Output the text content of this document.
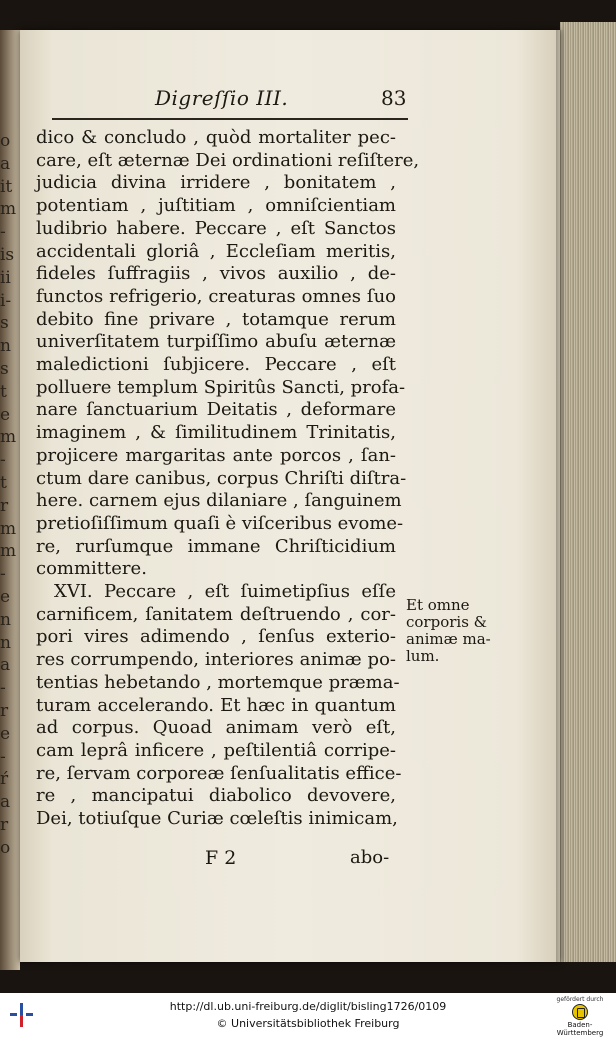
o
a
it
m
-
is
ii
i-
s
n
s
t
e
m
-
t
r
m
m
-
e
n
n
a
-
r
e
-
ŕ
a
r
o
Digreſſio III.	83
dico & concludo , quòd mortaliter pec-
care, eſt æternæ Dei ordinationi reſiſtere,
judicia divina irridere , bonitatem ,
potentiam , juſtitiam , omniſcientiam
ludibrio habere. Peccare , eſt Sanctos
accidentali gloriâ , Eccleſiam meritis,
fideles ſuffragiis , vivos auxilio , de-
functos refrigerio, creaturas omnes ſuo
debito fine privare , totamque rerum
univerſitatem turpiſſimo abuſu æternæ
maledictioni ſubjicere. Peccare , eſt
polluere templum Spiritûs Sancti, profa-
nare ſanctuarium Deitatis , deformare
imaginem , & ſimilitudinem Trinitatis,
projicere margaritas ante porcos , ſan-
ctum dare canibus, corpus Chriſti diſtra-
here. carnem ejus dilaniare , ſanguinem
pretioſiſſimum quaſi è viſceribus evome-
re, rurſumque immane Chriſticidium
committere.
XVI. Peccare , eſt ſuimetipſius eſſe
carnificem, ſanitatem deſtruendo , cor-
pori vires adimendo , ſenſus exterio-
res corrumpendo, interiores animæ po-
tentias hebetando , mortemque præma-
turam accelerando. Et hæc in quantum
ad corpus. Quoad animam verò eſt,
cam leprâ inficere , peſtilentiâ corripe-
re, ſervam corporeæ ſenſualitatis effice-
re , mancipatui diabolico devovere,
Dei, totiuſque Curiæ cœleſtis inimicam,
Et omne
corporis &
animæ ma-
lum.
F 2	abo-
http://dl.ub.uni-freiburg.de/diglit/bisling1726/0109
© Universitätsbibliothek Freiburg
gefördert durch
Baden-Württemberg
